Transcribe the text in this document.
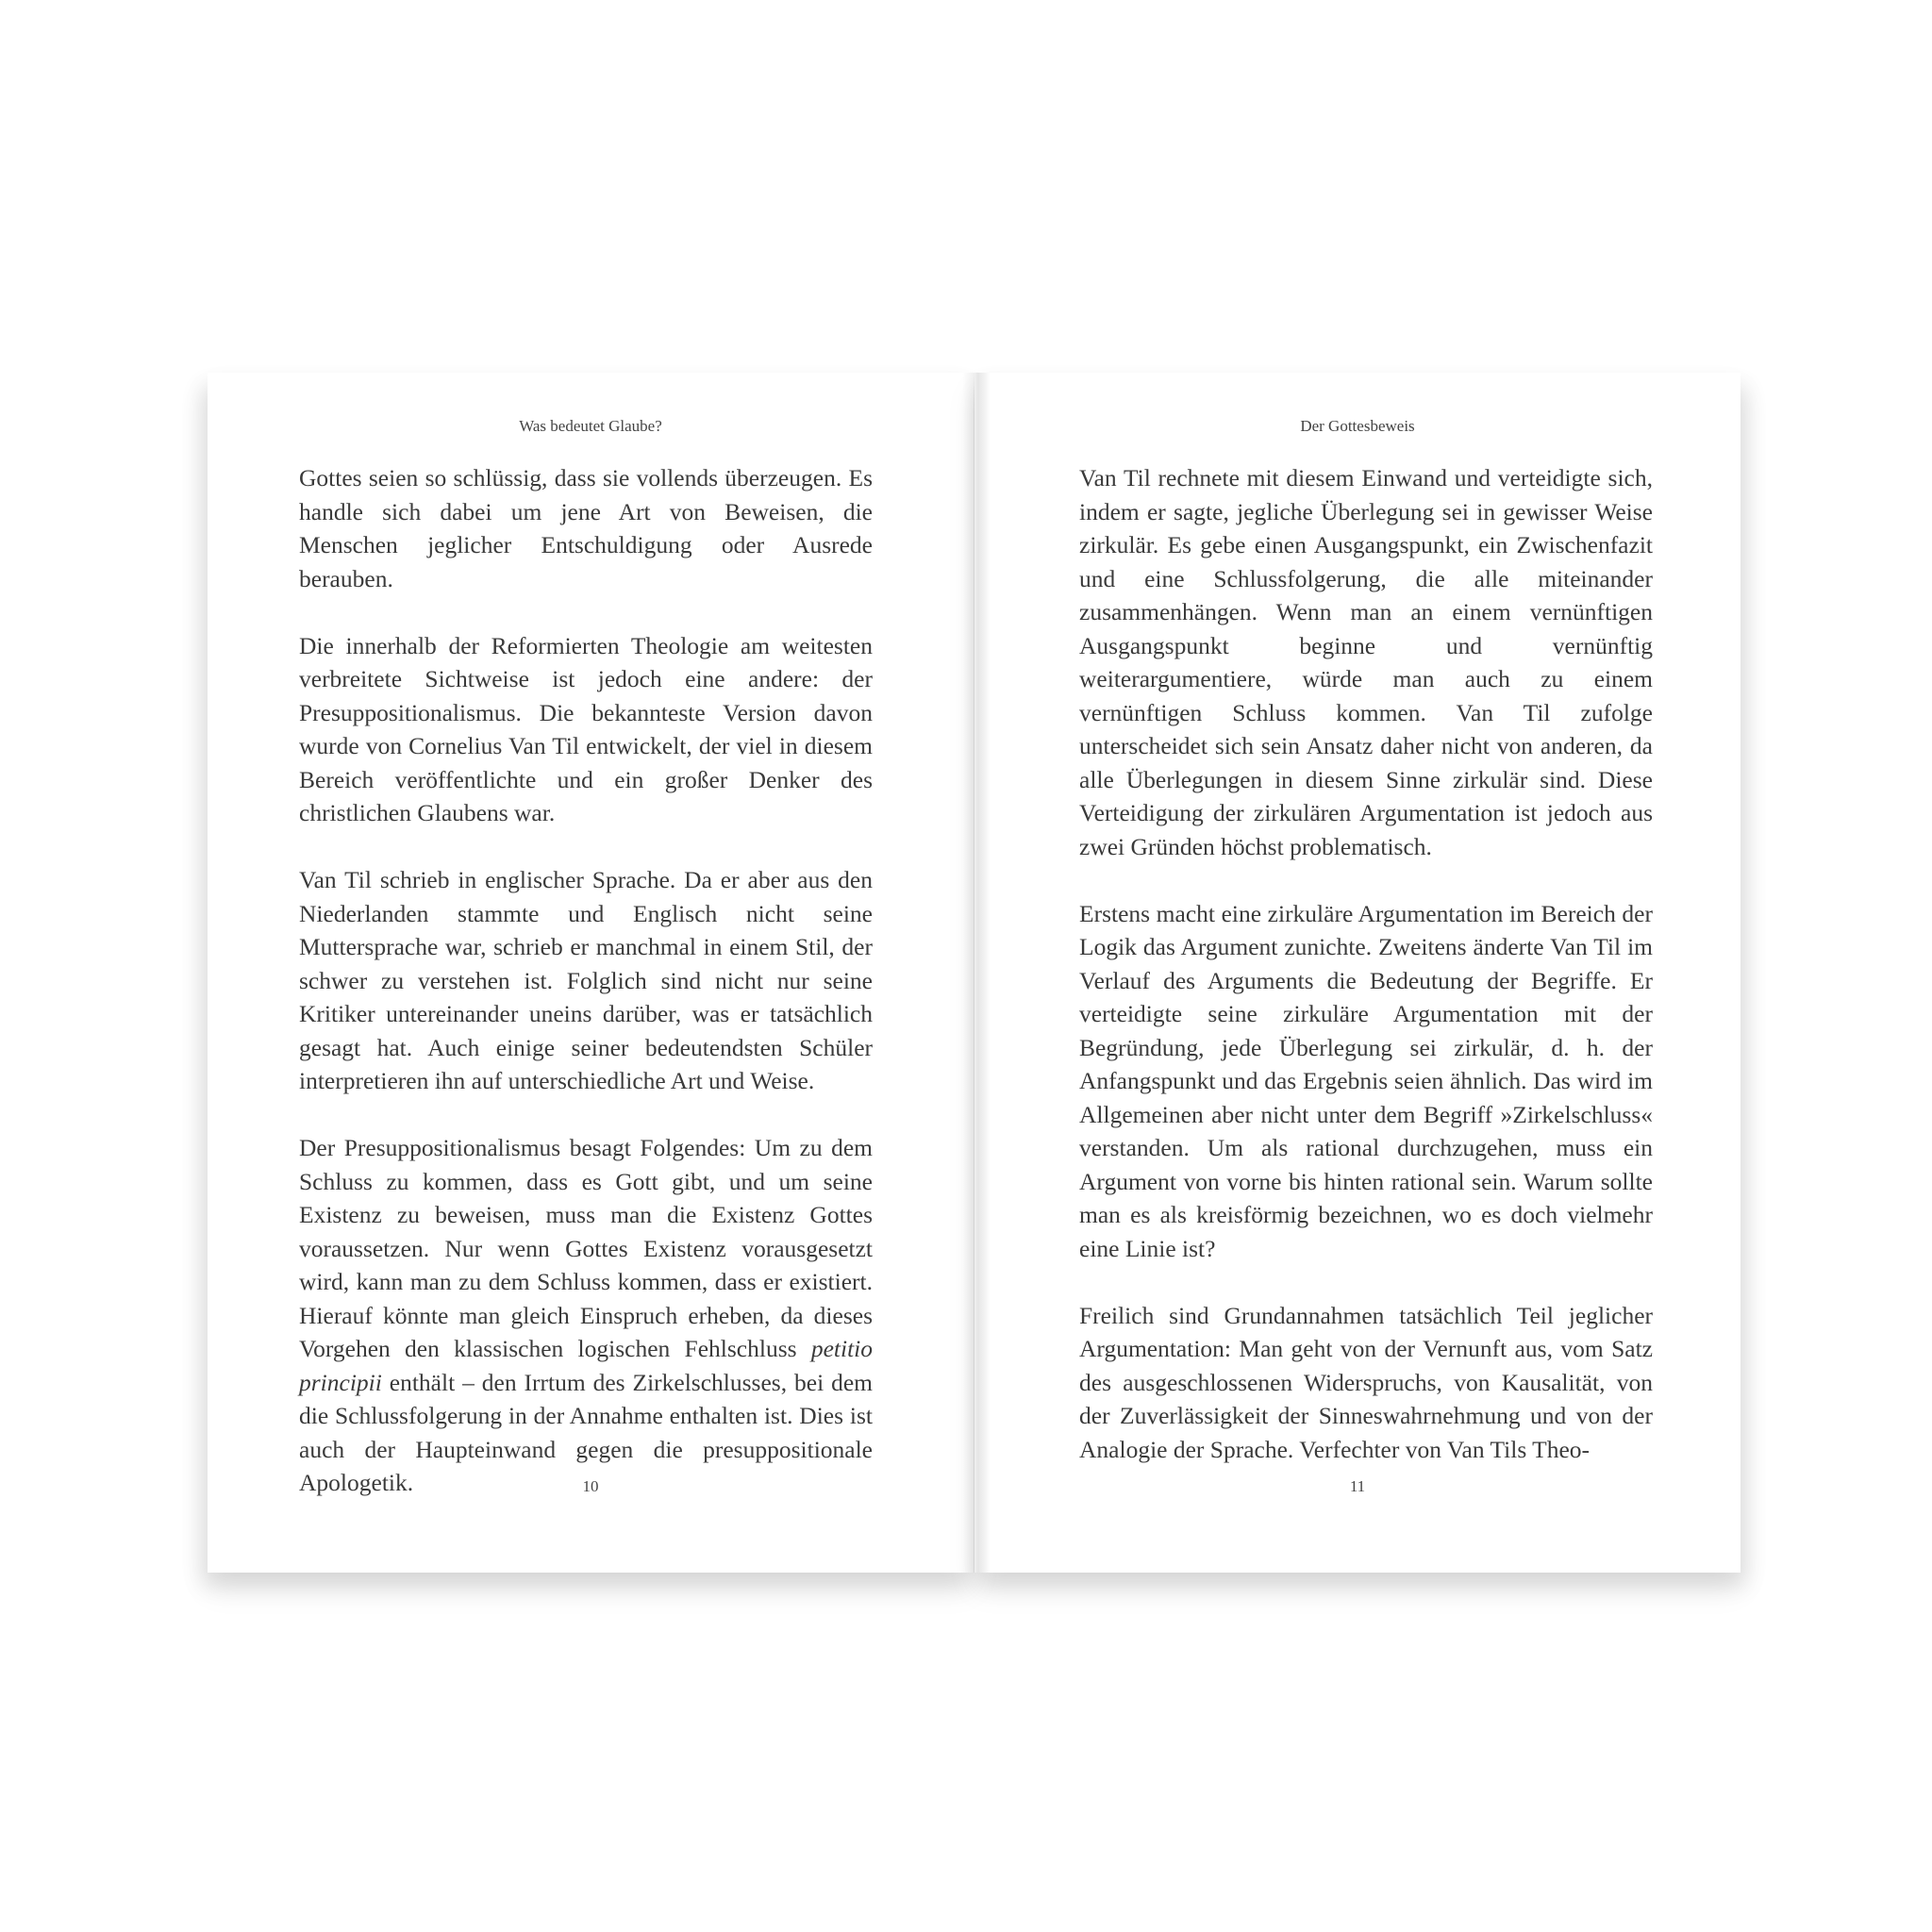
Was bedeutet Glaube?
10
Der Gottesbeweis
11

Gottes seien so schlüssig, dass sie vollends überzeugen. Es handle sich dabei um jene Art von Beweisen, die Menschen jeglicher Entschuldigung oder Ausrede berauben.

Die innerhalb der Reformierten Theologie am weitesten verbreitete Sichtweise ist jedoch eine andere: der Presuppositionalismus. Die bekannteste Version davon wurde von Cornelius Van Til entwickelt, der viel in diesem Bereich veröffentlichte und ein großer Denker des christlichen Glaubens war.

Van Til schrieb in englischer Sprache. Da er aber aus den Niederlanden stammte und Englisch nicht seine Muttersprache war, schrieb er manchmal in einem Stil, der schwer zu verstehen ist. Folglich sind nicht nur seine Kritiker untereinander uneins darüber, was er tatsächlich gesagt hat. Auch einige seiner bedeutendsten Schüler interpretieren ihn auf unterschiedliche Art und Weise.

Der Presuppositionalismus besagt Folgendes: Um zu dem Schluss zu kommen, dass es Gott gibt, und um seine Existenz zu beweisen, muss man die Existenz Gottes voraussetzen. Nur wenn Gottes Existenz vorausgesetzt wird, kann man zu dem Schluss kommen, dass er existiert. Hierauf könnte man gleich Einspruch erheben, da dieses Vorgehen den klassischen logischen Fehlschluss petitio principii enthält – den Irrtum des Zirkelschlusses, bei dem die Schlussfolgerung in der Annahme enthalten ist. Dies ist auch der Haupteinwand gegen die presuppositionale Apologetik.

Van Til rechnete mit diesem Einwand und verteidigte sich, indem er sagte, jegliche Überlegung sei in gewisser Weise zirkulär. Es gebe einen Ausgangspunkt, ein Zwischenfazit und eine Schlussfolgerung, die alle miteinander zusammenhängen. Wenn man an einem vernünftigen Ausgangspunkt beginne und vernünftig weiterargumentiere, würde man auch zu einem vernünftigen Schluss kommen. Van Til zufolge unterscheidet sich sein Ansatz daher nicht von anderen, da alle Überlegungen in diesem Sinne zirkulär sind. Diese Verteidigung der zirkulären Argumentation ist jedoch aus zwei Gründen höchst problematisch.

Erstens macht eine zirkuläre Argumentation im Bereich der Logik das Argument zunichte. Zweitens änderte Van Til im Verlauf des Arguments die Bedeutung der Begriffe. Er verteidigte seine zirkuläre Argumentation mit der Begründung, jede Überlegung sei zirkulär, d. h. der Anfangspunkt und das Ergebnis seien ähnlich. Das wird im Allgemeinen aber nicht unter dem Begriff »Zirkelschluss« verstanden. Um als rational durchzugehen, muss ein Argument von vorne bis hinten rational sein. Warum sollte man es als kreisförmig bezeichnen, wo es doch vielmehr eine Linie ist?

Freilich sind Grundannahmen tatsächlich Teil jeglicher Argumentation: Man geht von der Vernunft aus, vom Satz des ausgeschlossenen Widerspruchs, von Kausalität, von der Zuverlässigkeit der Sinneswahrnehmung und von der Analogie der Sprache. Verfechter von Van Tils Theo-
